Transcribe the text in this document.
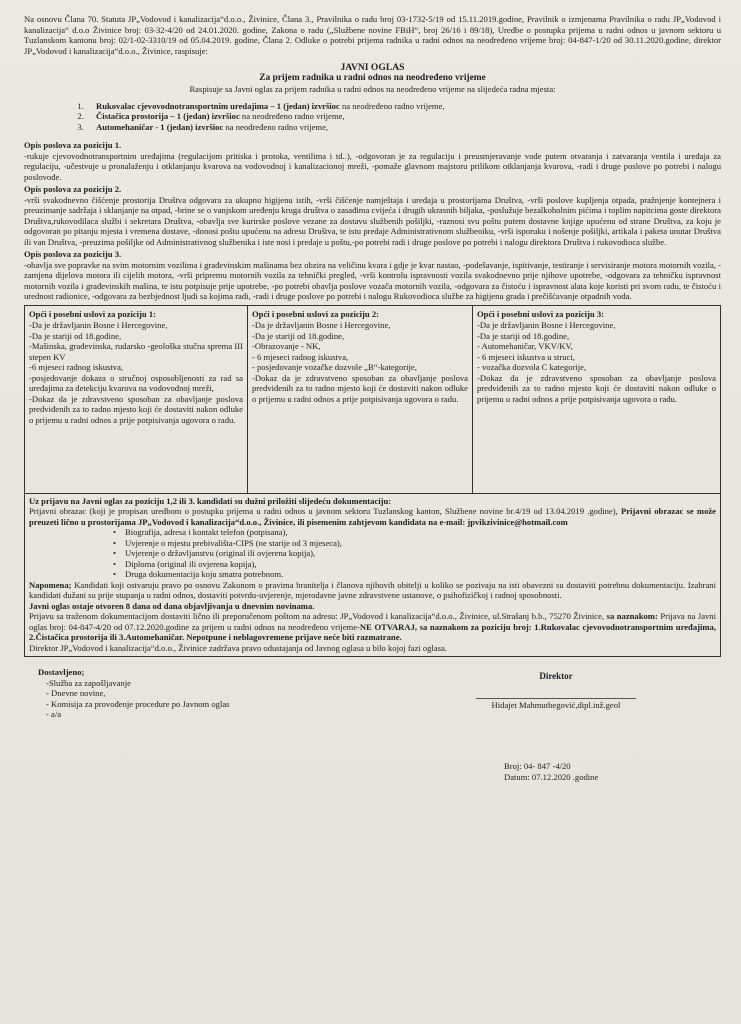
Na osnovu Člana 70. Statuta JP„Vodovod i kanalizacija“d.o.o., Živinice, Člana 3., Pravilnika o radu broj 03-1732-5/19 od 15.11.2019.godine, Pravilnik o izmjenama Pravilnika o radu JP„Vodovod i kanalizacija“ d.o.o Živinice broj: 03-32-4/20 od 24.01.2020. godine, Zakona o radu („Službene novine FBiH“, broj 26/16 i 89/18), Uredbe o postupka prijema u radni odnos u javnom sektoru u Tuzlanskom kantonu broj: 02/1-02-3310/19 od 05.04.2019. godine, Člana 2. Odluke o potrebi prijema radnika u radni odnos na neodređeno vrijeme broj: 04-847-1/20 od 30.11.2020.godine, direktor JP„Vodovod i kanalizacija“d.o.o., Živinice, raspisuje:

JAVNI OGLAS

Za prijem radnika u radni odnos na neodređeno vrijeme

Raspisuje sa Javni oglas za prijem radnika u radni odnos na neodređeno vrijeme na slijedeća radna mjesta:

1. Rukovalac cjevovodnotransportnim uredajima – 1 (jedan) izvršioc na neodređeno radno vrijeme,
2. Čistačica prostorija – 1 (jedan) izvršioc na neodređeno radno vrijeme,
3. Automehaničar - 1 (jedan) izvršioc na neodređeno radno vrijeme,

Opis poslova za poziciju 1.

-rukuje cjevovodnotransportnim uređajima (regulacijom pritiska i protoka, ventilima i td..), -odgovoran je za regulaciju i preusmjeravanje vode putem otvaranja i zatvaranja ventila i uređaja za regulaciju, -učestvuje u pronalaženju i otklanjanju kvarova na vodovodnoj i kanalizacionoj mreži, -pomaže glavnom majstoru prilikom otklanjanja kvarova, -radi i druge poslove po potrebi i nalogu poslovođe.

Opis poslova za poziciju 2.

-vrši svakodnevno čišćenje prostorija Društva odgovara za ukupnu higijenu istih, -vrši čišćenje namještaja i uređaja u prostorijama Društva, -vrši poslove kupljenja otpada, pražnjenje kontejnera i preuzimanje sadržaja i sklanjanje na otpad, -brine se o vanjskom uređenju kruga društva o zasađima cvijeća i drugih ukrasnih biljaka, -poslužuje bezalkoholnim pićima i toplim napitcima goste direktora Društva,rukovodilaca službi i sekretara Društva, -obavlja sve kurirske poslove vezane za dostavu službenih pošiljki, -raznosi svu poštu putem dostavne knjige upućenu od strane Društva, za koju je odgovoran po pitanju mjesta i vremena dostave, -donosi poštu upućenu na adresu Društva, te istu predaje Administrativnom službeniku, -vrši isporuku i nošenje pošiljki, artikala i paketa unutar Društva ili van Društva, -preuzima pošiljke od Administrativnog službenika i iste nosi i predaje u poštu,-po potrebi radi i druge poslove po potrebi i nalogu direktora Društva i rukovodioca službe.

Opis poslova za poziciju 3.

-obavlja sve popravke na svim motornim vozilima i građevinskim mašinama bez obzira na veličinu kvara i gdje je kvar nastao, -podešavanje, ispitivanje, testiranje i servisiranje motora motornih vozila, -zamjena dijelova motora ili cijelih motora, -vrši pripremu motornih vozila za tehnički pregled, -vrši kontrolu ispravnosti vozila svakodnevno prije njihove upotrebe, -odgovara za tehničku ispravnost motornih vozila i građevinskih mašina, te istu potpisuje prije upotrebe, -po potrebi obavlja poslove vozača motornih vozila, -odgovara za čistoću i ispravnost alata koje koristi pri svom radu, te čistoću i urednost radionice, -odgovara za bezbjednost ljudi sa kojima radi, -radi i druge poslove po potrebi i nalogu Rukovodioca službe za higijenu grada i prečišćavanje otpadnih voda.

Opći i posebni uslovi za poziciju 1:

-Da je državljanin Bosne i Hercegovine,

-Da je stariji od 18.godine,

-Mašinska, građevinska, rudarsko -geološka stučna sprema III stepen KV

-6 mjeseci radnog iskustva,

-posjedovanje dokaza o stručnoj osposobljenosti za rad sa uređajima za detekciju kvarova na vodovodnoj mreži,

-Dokaz da je zdravstveno sposoban za obavljanje poslova predviđenih za to radno mjesto koji će dostaviti nakon odluke o prijemu u radni odnos a prije potpisivanja ugovora o radu.

Opći i posebni uslovi za poziciju 2:

-Da je državljanin Bosne i Hercegovine,

-Da je stariji od 18.godine,

-Obrazovanje - NK,

- 6 mjeseci radnog iskustva,

- posjedovanje vozačke dozvole „B“-kategorije,

-Dokaz da je zdravstveno sposoban za obavljanje poslova predviđenih za to radno mjesto koji će dostaviti nakon odluke o prijemu u radni odnos a prije potpisivanja ugovora o radu.

Opći i posebni uslovi za poziciju 3:

-Da je državljanin Bosne i Hercegovine,

-Da je stariji od 18.godine,

- Automehaničar, VKV/KV,

- 6 mjeseci iskustva u struci,

- vozačka dozvola C kategorije,

-Dokaz da je zdravstveno sposoban za obavljanje poslova predviđenih za to radno mjesto koji će dostaviti nakon odluke o prijemu u radni odnos a prije potpisivanja ugovora o radu.

Uz prijavu na Javni oglas za poziciju 1,2 ili 3. kandidati su dužni priložiti slijedeću dokumentaciju:

Prijavni obrazac (koji je propisan uredbom o postupku prijema u radni odnos u javnom sektoru Tuzlanskog kanton, Službene novine br.4/19 od 13.04.2019 .godine), Prijavni obrazac se može preuzeti lično u prostorijama JP„Vodovod i kanalizacija“d.o.o., Živinice, ili pisemenim zahtjevom kandidata na e-mail: jpvikzivinice@hotmail.com

• Biografija, adresa i kontakt telefon (potpisana),
• Uvjerenje o mjestu prebivališta-CIPS (ne starije od 3 mjeseca),
• Uvjerenje o državljanstvu (original ili ovjerena kopija),
• Diploma (original ili ovjerena kopija),
• Druga dokumentacija koju smatra potrebnom.

Napomena; Kandidati koji ostvaruju pravo po osnovu Zakonom o pravima branitelja i članova njihovih obitelji u koliko se pozivaju na isti obavezni su dostaviti potrebnu dokumentaciju. Izabrani kandidati dužani su prije stupanja u radni odnos, dostaviti potvrdu-uvjerenje, mjerodavne javne zdravstvene ustanove, o psihofizičkoj i radnoj sposobnosti.

Javni oglas ostaje otvoren 8 dana od dana objavljivanja u dnevnim novinama.

Prijavu sa traženom dokumentacijom dostaviti lično ili preporučenom poštom na adresu: JP„Vodovod i kanalizacija“d.o.o., Živinice, ul.Strašanj b.b., 75270 Živinice, sa naznakom: Prijava na Javni oglas broj: 04-847-4/20 od 07.12.2020.godine za prijem u radni odnos na neodređeno vrijeme-NE OTVARAJ, sa naznakom za poziciju broj: 1.Rukovalac cjevovodnotransportnim uređajima, 2.Čistačica prostorija ili 3.Automehaničar. Nepotpune i neblagovremene prijave neće biti razmatrane.

Direktor JP„Vodovod i kanalizacija“d.o.o., Živinice zadržava pravo odustajanja od Javnog oglasa u bilo kojoj fazi oglasa.

Dostavljeno;

-Služba za zapošljavanje

- Dnevne novine,

- Komisija za provođenje procedure po Javnom oglas

- a/a

Direktor

Hidajet Mahmutbegović,dipl.inž.geol

Broj: 04- 847 -4/20

Datum: 07.12.2020 .godine
